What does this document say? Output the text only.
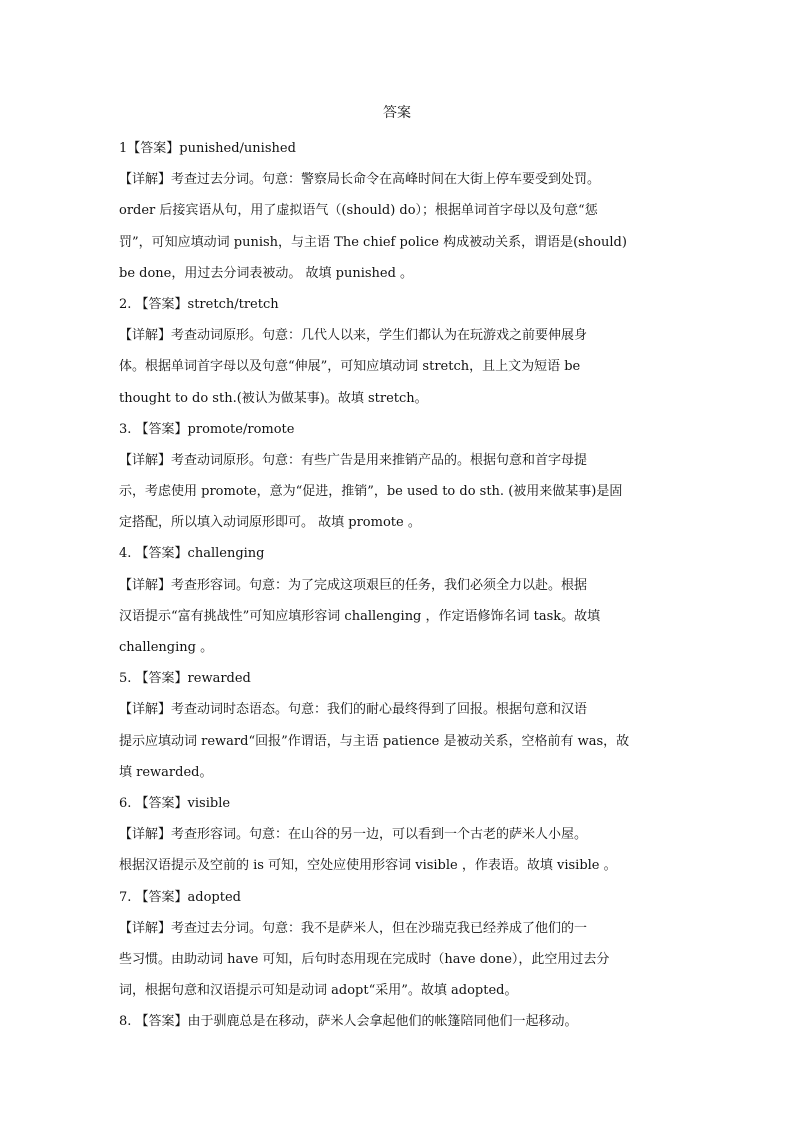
答案
1【答案】punished/unished
【详解】考查过去分词。句意：警察局长命令在高峰时间在大街上停车要受到处罚。
order 后接宾语从句，用了虚拟语气（(should) do）；根据单词首字母以及句意“惩
罚”，可知应填动词 punish，与主语 The chief police 构成被动关系，谓语是(should)
be done，用过去分词表被动。 故填 punished 。
2. 【答案】stretch/tretch
【详解】考查动词原形。句意：几代人以来，学生们都认为在玩游戏之前要伸展身
体。根据单词首字母以及句意“伸展”，可知应填动词 stretch，且上文为短语 be
thought to do sth.(被认为做某事)。故填 stretch。
3. 【答案】promote/romote
【详解】考查动词原形。句意：有些广告是用来推销产品的。根据句意和首字母提
示，考虑使用 promote，意为“促进，推销”，be used to do sth. (被用来做某事)是固
定搭配，所以填入动词原形即可。 故填 promote 。
4. 【答案】challenging
【详解】考查形容词。句意：为了完成这项艰巨的任务，我们必须全力以赴。根据
汉语提示“富有挑战性”可知应填形容词 challenging ，作定语修饰名词 task。故填
challenging 。
5. 【答案】rewarded
【详解】考查动词时态语态。句意：我们的耐心最终得到了回报。根据句意和汉语
提示应填动词 reward“回报”作谓语，与主语 patience 是被动关系，空格前有 was，故
填 rewarded。
6. 【答案】visible
【详解】考查形容词。句意：在山谷的另一边，可以看到一个古老的萨米人小屋。
根据汉语提示及空前的 is 可知，空处应使用形容词 visible ，作表语。故填 visible 。
7. 【答案】adopted
【详解】考查过去分词。句意：我不是萨米人，但在沙瑞克我已经养成了他们的一
些习惯。由助动词 have 可知，后句时态用现在完成时（have done），此空用过去分
词，根据句意和汉语提示可知是动词 adopt“采用”。故填 adopted。
8. 【答案】由于驯鹿总是在移动，萨米人会拿起他们的帐篷陪同他们一起移动。
